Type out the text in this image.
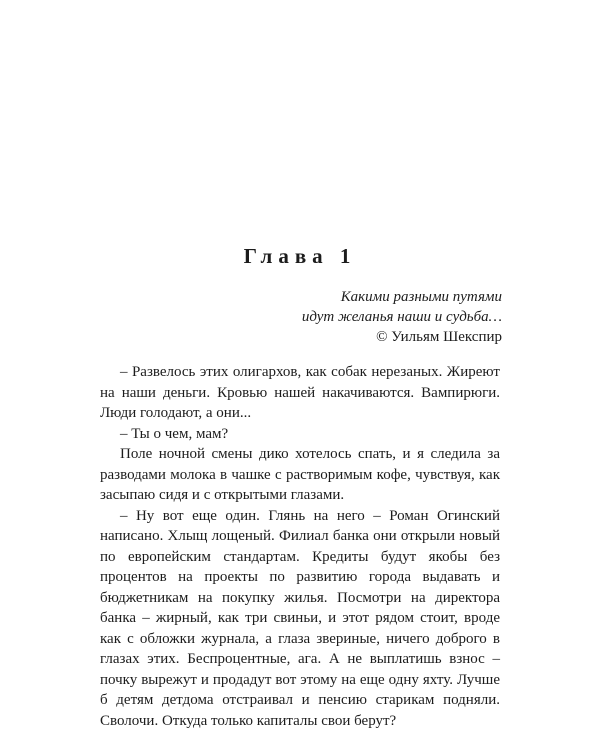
Глава 1
Какими разными путями
идут желанья наши и судьба…
© Уильям Шекспир

– Развелось этих олигархов, как собак нерезаных. Жиреют на наши деньги. Кровью нашей накачиваются. Вампирюги. Люди голодают, а они...

– Ты о чем, мам?

Поле ночной смены дико хотелось спать, и я следила за разводами молока в чашке с растворимым кофе, чувствуя, как засыпаю сидя и с открытыми глазами.

– Ну вот еще один. Глянь на него – Роман Огинский написано. Хлыщ лощеный. Филиал банка они открыли новый по европейским стандартам. Кредиты будут якобы без процентов на проекты по развитию города выдавать и бюджетникам на покупку жилья. Посмотри на директора банка – жирный, как три свиньи, и этот рядом стоит, вроде как с обложки журнала, а глаза звериные, ничего доброго в глазах этих. Беспроцентные, ага. А не выплатишь взнос – почку вырежут и продадут вот этому на еще одну яхту. Лучше б детям детдома отстраивал и пенсию старикам подняли. Сволочи. Откуда только капиталы свои берут?
